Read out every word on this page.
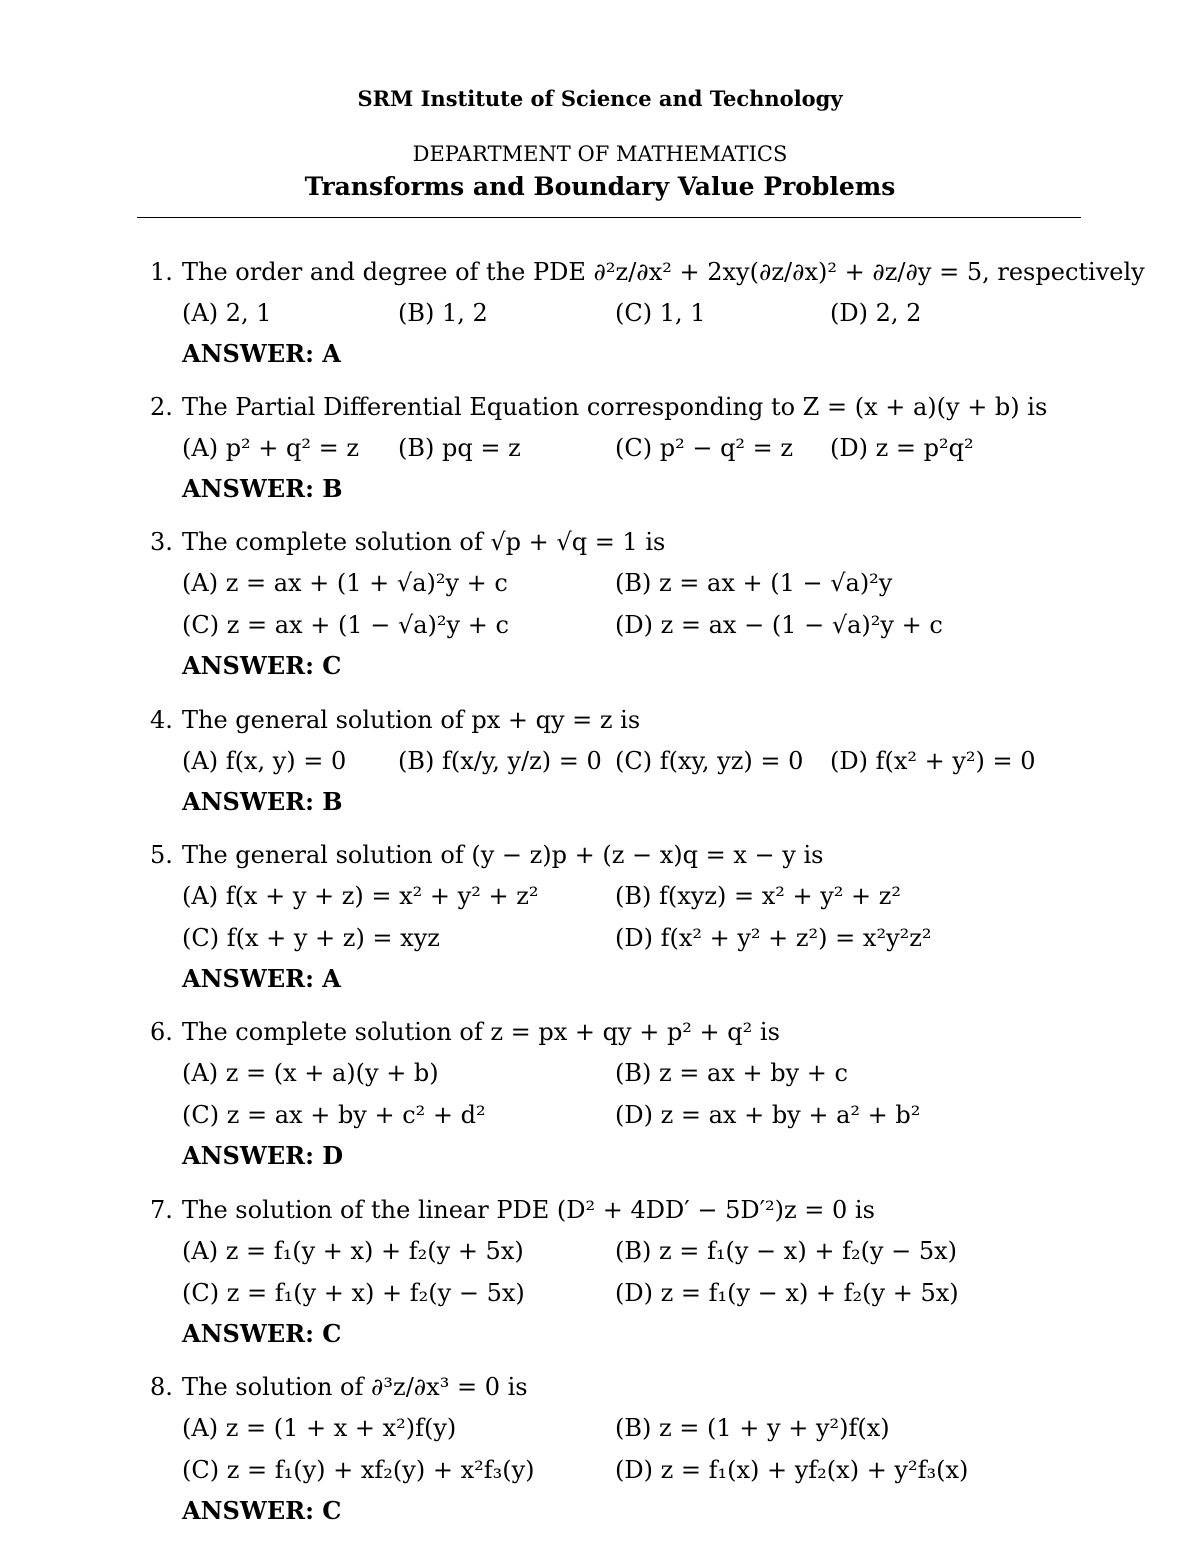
SRM Institute of Science and Technology
DEPARTMENT OF MATHEMATICS
Transforms and Boundary Value Problems
1. The order and degree of the PDE ∂²z/∂x² + 2xy(∂z/∂x)² + ∂z/∂y = 5, respectively
(A) 2, 1	(B) 1, 2	(C) 1, 1	(D) 2, 2
ANSWER: A
2. The Partial Differential Equation corresponding to Z = (x + a)(y + b) is
(A) p² + q² = z (B) pq = z	(C) p² − q² = z (D) z = p²q²
ANSWER: B
3. The complete solution of √p + √q = 1 is
(A) z = ax + (1 + √a)²y + c	(B) z = ax + (1 − √a)²y
(C) z = ax + (1 − √a)²y + c	(D) z = ax − (1 − √a)²y + c
ANSWER: C
4. The general solution of px + qy = z is
(A) f(x, y) = 0 (B) f(x/y, y/z) = 0 (C) f(xy, yz) = 0 (D) f(x² + y²) = 0
ANSWER: B
5. The general solution of (y − z)p + (z − x)q = x − y is
(A) f(x + y + z) = x² + y² + z²	(B) f(xyz) = x² + y² + z²
(C) f(x + y + z) = xyz	(D) f(x² + y² + z²) = x²y²z²
ANSWER: A
6. The complete solution of z = px + qy + p² + q² is
(A) z = (x + a)(y + b)	(B) z = ax + by + c
(C) z = ax + by + c² + d²	(D) z = ax + by + a² + b²
ANSWER: D
7. The solution of the linear PDE (D² + 4DD′ − 5D′²)z = 0 is
(A) z = f₁(y + x) + f₂(y + 5x)	(B) z = f₁(y − x) + f₂(y − 5x)
(C) z = f₁(y + x) + f₂(y − 5x)	(D) z = f₁(y − x) + f₂(y + 5x)
ANSWER: C
8. The solution of ∂³z/∂x³ = 0 is
(A) z = (1 + x + x²)f(y)	(B) z = (1 + y + y²)f(x)
(C) z = f₁(y) + xf₂(y) + x²f₃(y)	(D) z = f₁(x) + yf₂(x) + y²f₃(x)
ANSWER: C
